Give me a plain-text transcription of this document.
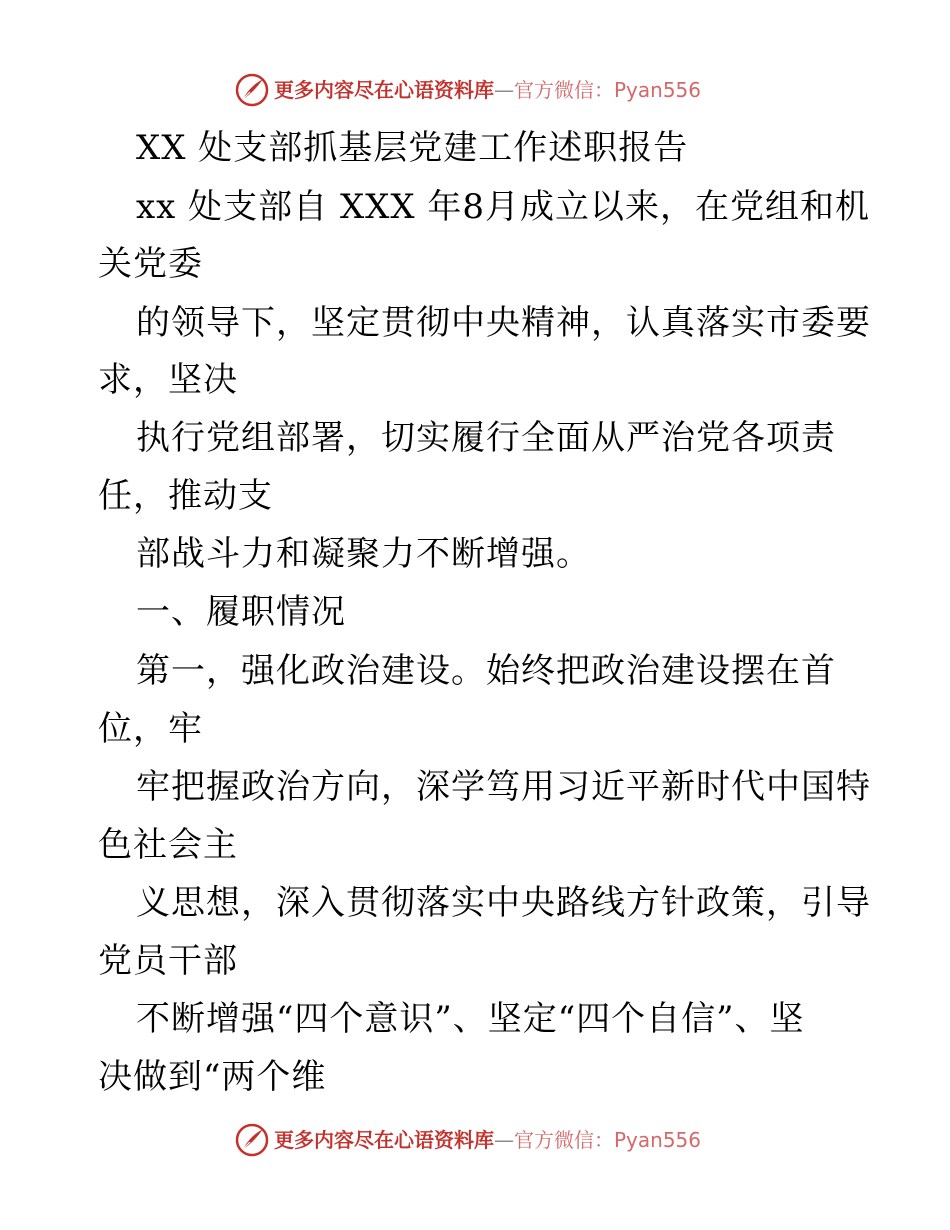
更多内容尽在心语资料库—官方微信：Pyan556
XX 处支部抓基层党建工作述职报告
xx 处支部自 XXX 年8月成立以来，在党组和机
关党委
的领导下，坚定贯彻中央精神，认真落实市委要
求，坚决
执行党组部署，切实履行全面从严治党各项责
任，推动支
部战斗力和凝聚力不断增强。
一、履职情况
第一，强化政治建设。始终把政治建设摆在首
位，牢
牢把握政治方向，深学笃用习近平新时代中国特
色社会主
义思想，深入贯彻落实中央路线方针政策，引导
党员干部
不断增强“四个意识”、坚定“四个自信”、坚
决做到“两个维
更多内容尽在心语资料库—官方微信：Pyan556
